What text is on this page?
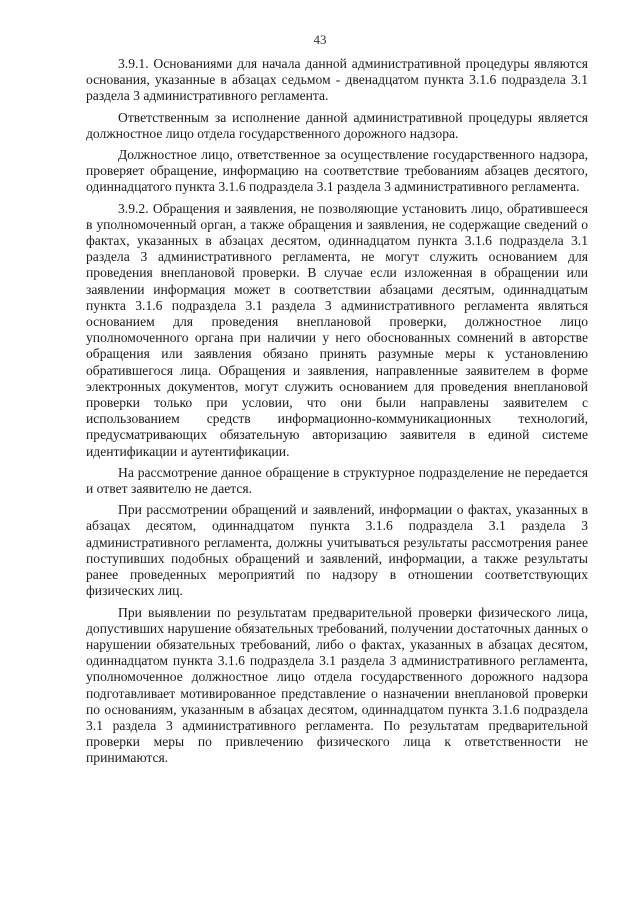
43

3.9.1. Основаниями для начала данной административной процедуры являются основания, указанные в абзацах седьмом - двенадцатом пункта 3.1.6 подраздела 3.1 раздела 3 административного регламента.

Ответственным за исполнение данной административной процедуры является должностное лицо отдела государственного дорожного надзора.

Должностное лицо, ответственное за осуществление государственного надзора, проверяет обращение, информацию на соответствие требованиям абзацев десятого, одиннадцатого пункта 3.1.6 подраздела 3.1 раздела 3 административного регламента.

3.9.2. Обращения и заявления, не позволяющие установить лицо, обратившееся в уполномоченный орган, а также обращения и заявления, не содержащие сведений о фактах, указанных в абзацах десятом, одиннадцатом пункта 3.1.6 подраздела 3.1 раздела 3 административного регламента, не могут служить основанием для проведения внеплановой проверки. В случае если изложенная в обращении или заявлении информация может в соответствии абзацами десятым, одиннадцатым пункта 3.1.6 подраздела 3.1 раздела 3 административного регламента являться основанием для проведения внеплановой проверки, должностное лицо уполномоченного органа при наличии у него обоснованных сомнений в авторстве обращения или заявления обязано принять разумные меры к установлению обратившегося лица. Обращения и заявления, направленные заявителем в форме электронных документов, могут служить основанием для проведения внеплановой проверки только при условии, что они были направлены заявителем с использованием средств информационно-коммуникационных технологий, предусматривающих обязательную авторизацию заявителя в единой системе идентификации и аутентификации.

На рассмотрение данное обращение в структурное подразделение не передается и ответ заявителю не дается.

При рассмотрении обращений и заявлений, информации о фактах, указанных в абзацах десятом, одиннадцатом пункта 3.1.6 подраздела 3.1 раздела 3 административного регламента, должны учитываться результаты рассмотрения ранее поступивших подобных обращений и заявлений, информации, а также результаты ранее проведенных мероприятий по надзору в отношении соответствующих физических лиц.

При выявлении по результатам предварительной проверки физического лица, допустивших нарушение обязательных требований, получении достаточных данных о нарушении обязательных требований, либо о фактах, указанных в абзацах десятом, одиннадцатом пункта 3.1.6 подраздела 3.1 раздела 3 административного регламента, уполномоченное должностное лицо отдела государственного дорожного надзора подготавливает мотивированное представление о назначении внеплановой проверки по основаниям, указанным в абзацах десятом, одиннадцатом пункта 3.1.6 подраздела 3.1 раздела 3 административного регламента. По результатам предварительной проверки меры по привлечению физического лица к ответственности не принимаются.
